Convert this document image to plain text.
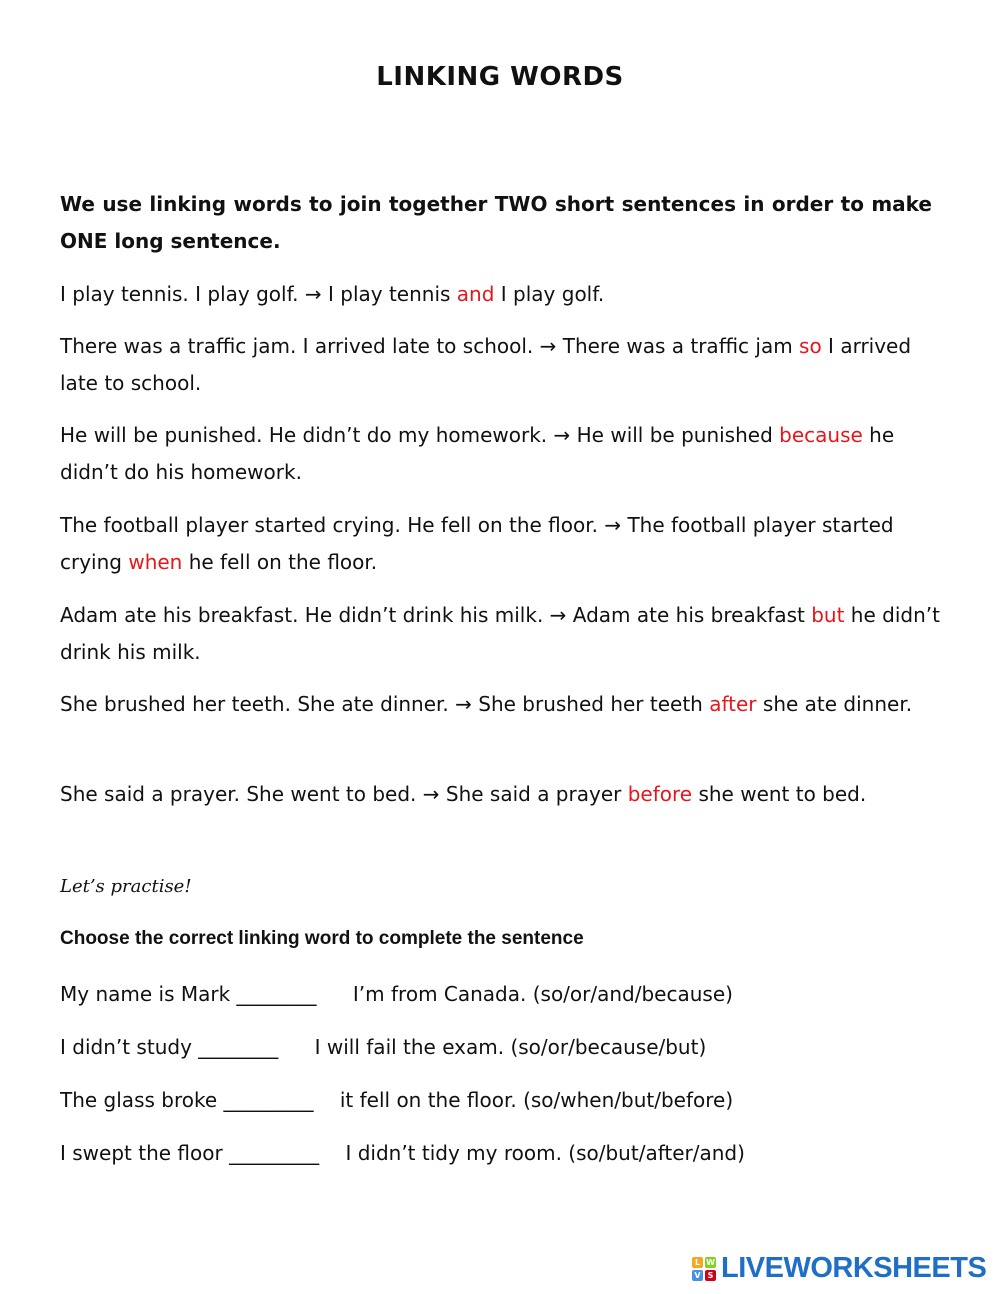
LINKING WORDS
We use linking words to join together TWO short sentences in order to make ONE long sentence.
I play tennis. I play golf. → I play tennis and I play golf.
There was a traffic jam. I arrived late to school. → There was a traffic jam so I arrived late to school.
He will be punished. He didn’t do my homework. → He will be punished because he didn’t do his homework.
The football player started crying. He fell on the floor. → The football player started crying when he fell on the floor.
Adam ate his breakfast. He didn’t drink his milk. → Adam ate his breakfast but he didn’t drink his milk.
She brushed her teeth. She ate dinner. → She brushed her teeth after she ate dinner.
She said a prayer. She went to bed. → She said a prayer before she went to bed.
Let’s practise!
Choose the correct linking word to complete the sentence
My name is Mark ________ I’m from Canada. (so/or/and/because)
I didn’t study ________ I will fail the exam. (so/or/because/but)
The glass broke _________ it fell on the floor. (so/when/but/before)
I swept the floor _________ I didn’t tidy my room. (so/but/after/and)
L W
V S LIVEWORKSHEETS
